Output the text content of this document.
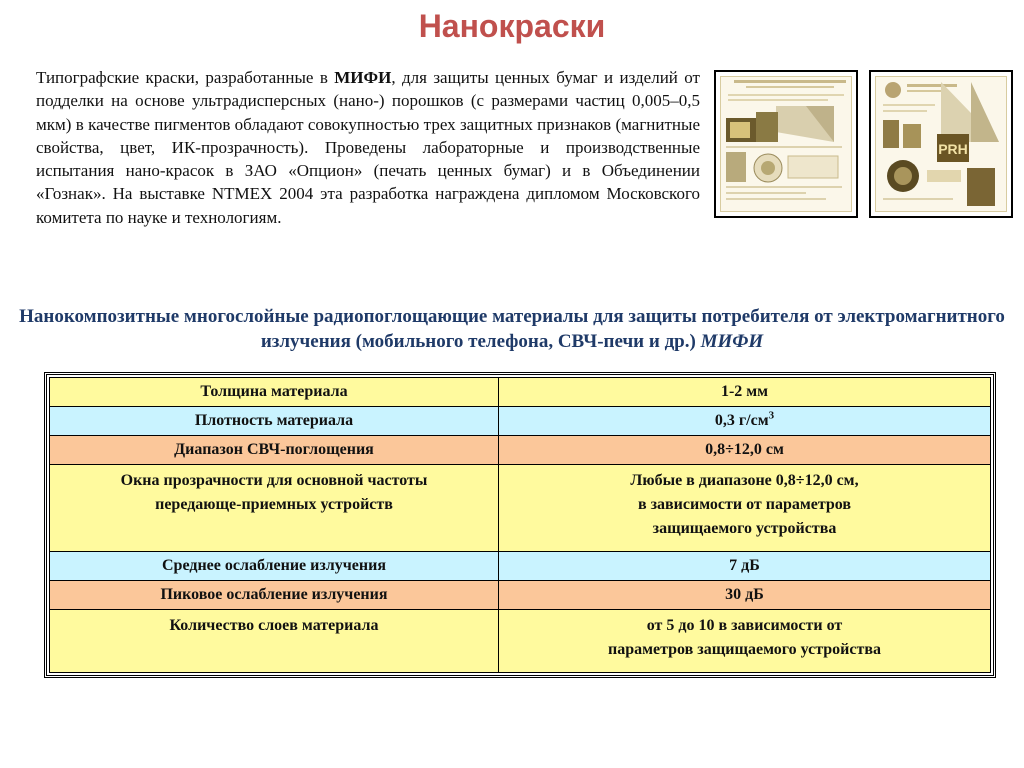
Нанокраски
Типографские краски, разработанные в МИФИ, для защиты ценных бумаг и изделий от подделки на основе ультрадисперсных (нано-) порошков (с размерами частиц 0,005–0,5 мкм) в качестве пигментов обладают совокупностью трех защитных признаков (магнитные свойства, цвет, ИК-прозрачность). Проведены лабораторные и производственные испытания нано-красок в ЗАО «Опцион» (печать ценных бумаг) и в Объединении «Гознак». На выставке NTMEX 2004 эта разработка награждена дипломом Московского комитета по науке и технологиям.
PRH
Нанокомпозитные многослойные радиопоглощающие материалы для защиты потребителя от электромагнитного излучения (мобильного телефона, СВЧ-печи и др.) МИФИ
Толщина материала	1-2 мм

Плотность материала	0,3 $г/см^3$

Диапазон СВЧ-поглощения	0,8÷12,0 см

Окна прозрачности для основной частоты
передающе-приемных устройств	Любые в диапазоне 0,8÷12,0 см,
в зависимости от параметров
защищаемого устройства

Среднее ослабление излучения	7 дБ

Пиковое ослабление излучения	30 дБ

Количество слоев материала	от 5 до 10 в зависимости от
параметров защищаемого устройства
